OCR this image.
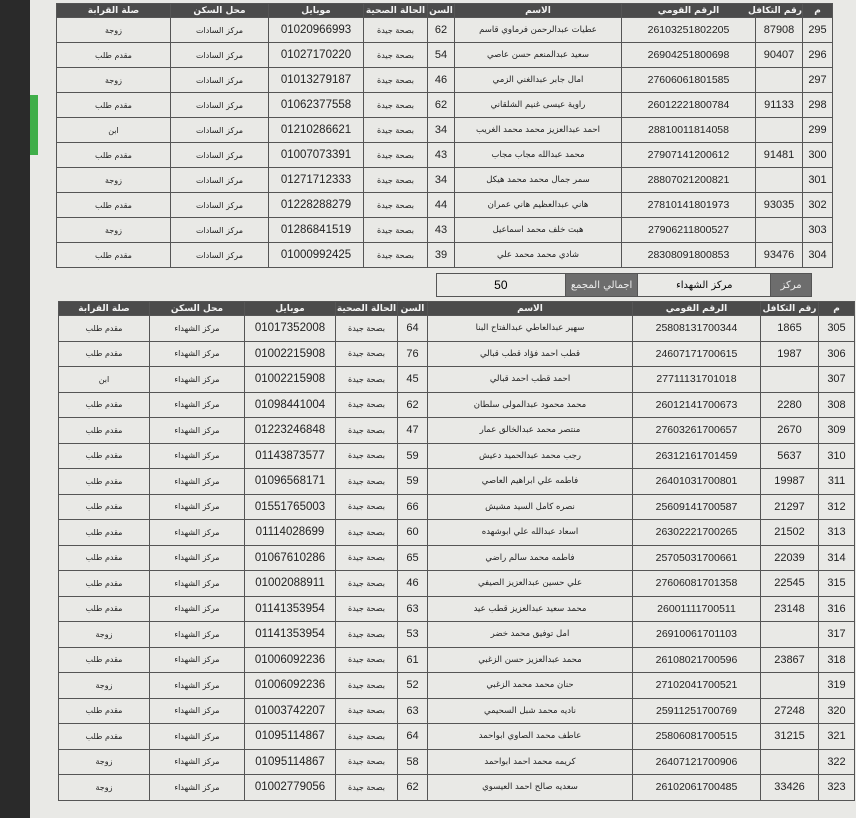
م	رقم التكافل	الرقم القومي	الاسم	السن	الحالة الصحية	موبايل	محل السكن	صلة القرابة
295	87908	26103251802205	عطيات عبدالرحمن فرماوي قاسم	62	بصحة جيدة	01020966993	مركز السادات	زوجة
296	90407	26904251800698	سعيد عبدالمنعم حسن عاصي	54	بصحة جيدة	01027170220	مركز السادات	مقدم طلب
297		27606061801585	امال جابر عبدالغني الزمي	46	بصحة جيدة	01013279187	مركز السادات	زوجة
298	91133	26012221800784	راوية عيسى غنيم الشلقاني	62	بصحة جيدة	01062377558	مركز السادات	مقدم طلب
299		28810011814058	احمد عبدالعزيز محمد محمد الغريب	34	بصحة جيدة	01210286621	مركز السادات	ابن
300	91481	27907141200612	محمد عبدالله مجاب مجاب	43	بصحة جيدة	01007073391	مركز السادات	مقدم طلب
301		28807021200821	سمر جمال محمد محمد هيكل	34	بصحة جيدة	01271712333	مركز السادات	زوجة
302	93035	27810141801973	هاني عبدالعظيم هاني عمران	44	بصحة جيدة	01228288279	مركز السادات	مقدم طلب
303		27906211800527	هبت خلف محمد اسماعيل	43	بصحة جيدة	01286841519	مركز السادات	زوجة
304	93476	28308091800853	شادي محمد محمد علي	39	بصحة جيدة	01000992425	مركز السادات	مقدم طلب
مركز
مركز الشهداء
اجمالي المجمع
50
م	رقم التكافل	الرقم القومي	الاسم	السن	الحالة الصحية	موبايل	محل السكن	صلة القرابة
305	1865	25808131700344	سهير عبدالعاطي عبدالفتاح البنا	64	بصحة جيدة	01017352008	مركز الشهداء	مقدم طلب
306	1987	24607171700615	قطب احمد فؤاد قطب قبالي	76	بصحة جيدة	01002215908	مركز الشهداء	مقدم طلب
307		27711131701018	احمد قطب احمد قبالي	45	بصحة جيدة	01002215908	مركز الشهداء	ابن
308	2280	26012141700673	محمد محمود عبدالمولى سلطان	62	بصحة جيدة	01098441004	مركز الشهداء	مقدم طلب
309	2670	27603261700657	منتصر محمد عبدالخالق عمار	47	بصحة جيدة	01223246848	مركز الشهداء	مقدم طلب
310	5637	26312161701459	رجب محمد عبدالحميد دعيش	59	بصحة جيدة	01143873577	مركز الشهداء	مقدم طلب
311	19987	26401031700801	فاطمه علي ابراهيم العاصي	59	بصحة جيدة	01096568171	مركز الشهداء	مقدم طلب
312	21297	25609141700587	نصره كامل السيد مشيش	66	بصحة جيدة	01551765003	مركز الشهداء	مقدم طلب
313	21502	26302221700265	اسعاد عبدالله علي ابوشهده	60	بصحة جيدة	01114028699	مركز الشهداء	مقدم طلب
314	22039	25705031700661	فاطمه محمد سالم راضي	65	بصحة جيدة	01067610286	مركز الشهداء	مقدم طلب
315	22545	27606081701358	علي حسين عبدالعزيز الصيفي	46	بصحة جيدة	01002088911	مركز الشهداء	مقدم طلب
316	23148	26001111700511	محمد سعيد عبدالعزيز قطب عيد	63	بصحة جيدة	01141353954	مركز الشهداء	مقدم طلب
317		26910061701103	امل توفيق محمد خضر	53	بصحة جيدة	01141353954	مركز الشهداء	زوجة
318	23867	26108021700596	محمد عبدالعزيز حسن الزغبي	61	بصحة جيدة	01006092236	مركز الشهداء	مقدم طلب
319		27102041700521	حنان محمد محمد الزغبي	52	بصحة جيدة	01006092236	مركز الشهداء	زوجة
320	27248	25911251700769	ناديه محمد شبل السحيمي	63	بصحة جيدة	01003742207	مركز الشهداء	مقدم طلب
321	31215	25806081700515	عاطف محمد الصاوي ابواحمد	64	بصحة جيدة	01095114867	مركز الشهداء	مقدم طلب
322		26407121700906	كريمه محمد احمد ابواحمد	58	بصحة جيدة	01095114867	مركز الشهداء	زوجة
323	33426	26102061700485	سعديه صالح احمد العيسوي	62	بصحة جيدة	01002779056	مركز الشهداء	زوجة
